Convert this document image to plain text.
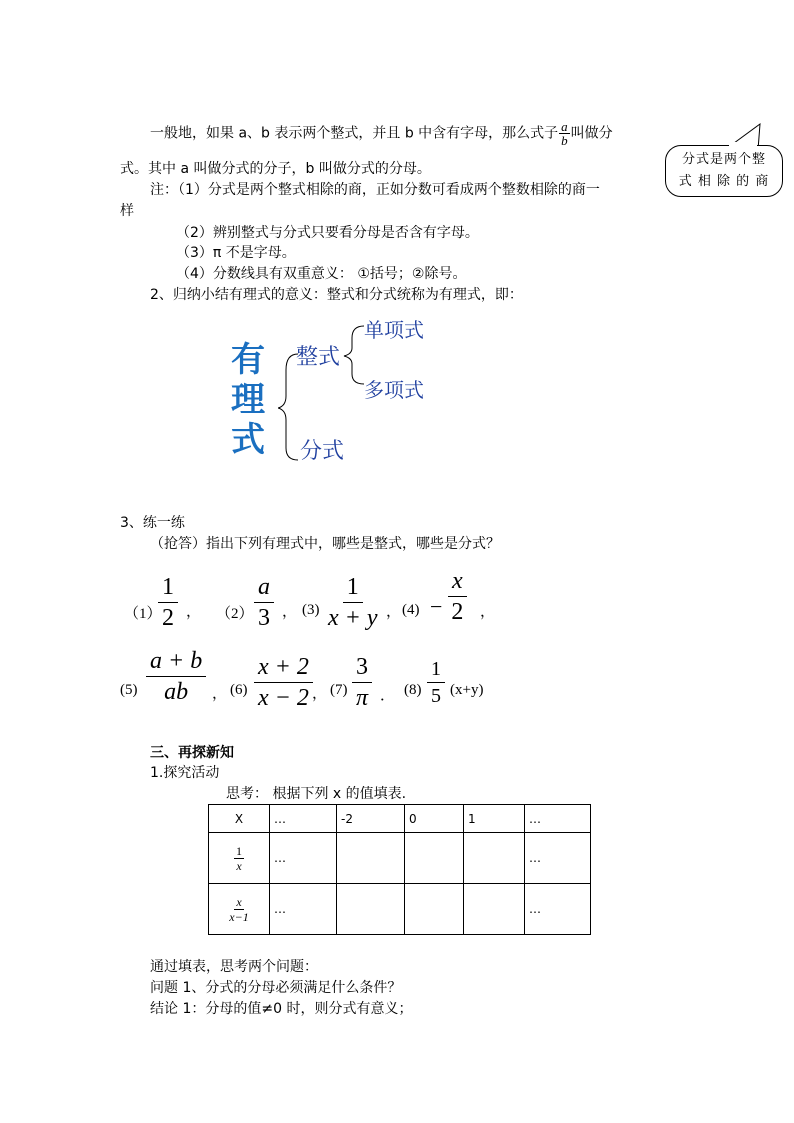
一般地，如果 a、b 表示两个整式，并且 b 中含有字母，那么式子 $\frac{a}{b}$ 叫做分
式。其中 a 叫做分式的分子，b 叫做分式的分母。
注：（1）分式是两个整式相除的商，正如分数可看成两个整数相除的商一
样
（2）辨别整式与分式只要看分母是否含有字母。
（3）π 不是字母。
（4）分数线具有双重意义： ①括号；②除号。
分式是两个整
式 相 除 的 商
2、归纳小结有理式的意义：整式和分式统称为有理式，即：
有
理
式
整式
单项式
多项式
分式
3、练一练
（抢答）指出下列有理式中，哪些是整式，哪些是分式？
（1）
$\frac{1}{2}$ ， $(2) \frac{a}{3}$ ， $(3) \frac{1}{x + y}$ ， $(4) - \frac{x}{2}$ ，
$(5) \frac{a + b}{ab}$ ， $(6) \frac{x + 2}{x - 2}$ ， $(7) \frac{3}{\pi}$ ． $(8) \frac{1}{5} (x+y)$
三、再探新知
1.探究活动
思考： 根据下列 x 的值填表.
X	…	-2	0	1	…

$\frac{1}{x}$	…				…

$\frac{x}{x-1}$	…				…
通过填表，思考两个问题：
问题 1、分式的分母必须满足什么条件？
结论 1：分母的值≠0 时，则分式有意义；
